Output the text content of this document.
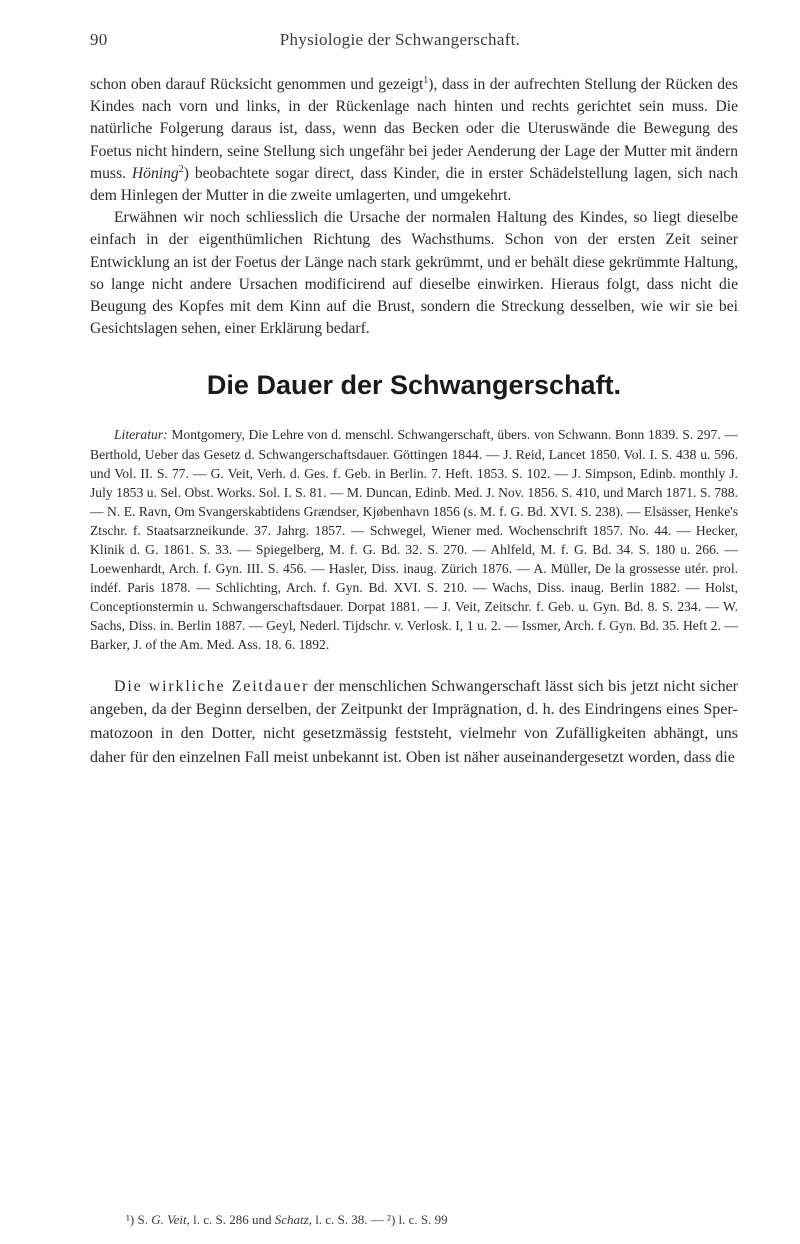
90	Physiologie der Schwangerschaft.

schon oben darauf Rücksicht genommen und gezeigt$^1$), dass in der aufrechten Stellung der Rücken des Kindes nach vorn und links, in der Rückenlage nach hinten und rechts gerichtet sein muss. Die natürliche Folgerung daraus ist, dass, wenn das Becken oder die Uteruswände die Bewegung des Foetus nicht hindern, seine Stellung sich ungefähr bei jeder Aenderung der Lage der Mutter mit ändern muss. Höning$^2$) beobachtete sogar direct, dass Kinder, die in erster Schädelstellung lagen, sich nach dem Hinlegen der Mutter in die zweite umlagerten, und umgekehrt.

Erwähnen wir noch schliesslich die Ursache der normalen Haltung des Kindes, so liegt dieselbe einfach in der eigenthümlichen Richtung des Wachsthums. Schon von der ersten Zeit seiner Entwicklung an ist der Foetus der Länge nach stark gekrümmt, und er behält diese gekrümmte Haltung, so lange nicht andere Ursachen modificirend auf dieselbe einwirken. Hieraus folgt, dass nicht die Beugung des Kopfes mit dem Kinn auf die Brust, sondern die Streckung desselben, wie wir sie bei Gesichtslagen sehen, einer Erklärung bedarf.

Die Dauer der Schwangerschaft.

Literatur: Montgomery, Die Lehre von d. menschl. Schwangerschaft, übers. von Schwann. Bonn 1839. S. 297. — Berthold, Ueber das Gesetz d. Schwangerschaftsdauer. Göttingen 1844. — J. Reid, Lancet 1850. Vol. I. S. 438 u. 596. und Vol. II. S. 77. — G. Veit, Verh. d. Ges. f. Geb. in Berlin. 7. Heft. 1853. S. 102. — J. Simpson, Edinb. monthly J. July 1853 u. Sel. Obst. Works. Sol. I. S. 81. — M. Duncan, Edinb. Med. J. Nov. 1856. S. 410, und March 1871. S. 788. — N. E. Ravn, Om Svangerskabtidens Grændser, Kjøbenhavn 1856 (s. M. f. G. Bd. XVI. S. 238). — Elsässer, Henke's Ztschr. f. Staatsarzneikunde. 37. Jahrg. 1857. — Schwegel, Wiener med. Wochenschrift 1857. No. 44. — Hecker, Klinik d. G. 1861. S. 33. — Spiegelberg, M. f. G. Bd. 32. S. 270. — Ahlfeld, M. f. G. Bd. 34. S. 180 u. 266. — Loewenhardt, Arch. f. Gyn. III. S. 456. — Hasler, Diss. inaug. Zürich 1876. — A. Müller, De la grossesse utér. prol. indéf. Paris 1878. — Schlichting, Arch. f. Gyn. Bd. XVI. S. 210. — Wachs, Diss. inaug. Berlin 1882. — Holst, Conceptionstermin u. Schwangerschaftsdauer. Dorpat 1881. — J. Veit, Zeitschr. f. Geb. u. Gyn. Bd. 8. S. 234. — W. Sachs, Diss. in. Berlin 1887. — Geyl, Nederl. Tijdschr. v. Verlosk. I, 1 u. 2. — Issmer, Arch. f. Gyn. Bd. 35. Heft 2. — Barker, J. of the Am. Med. Ass. 18. 6. 1892.

Die wirkliche Zeitdauer der menschlichen Schwangerschaft lässt sich bis jetzt nicht sicher angeben, da der Beginn derselben, der Zeitpunkt der Imprägnation, d. h. des Eindringens eines Spermatozoon in den Dotter, nicht gesetzmässig feststeht, vielmehr von Zufälligkeiten abhängt, uns daher für den einzelnen Fall meist unbekannt ist. Oben ist näher auseinandergesetzt worden, dass die

¹) S. G. Veit, l. c. S. 286 und Schatz, l. c. S. 38. — ²) l. c. S. 99
